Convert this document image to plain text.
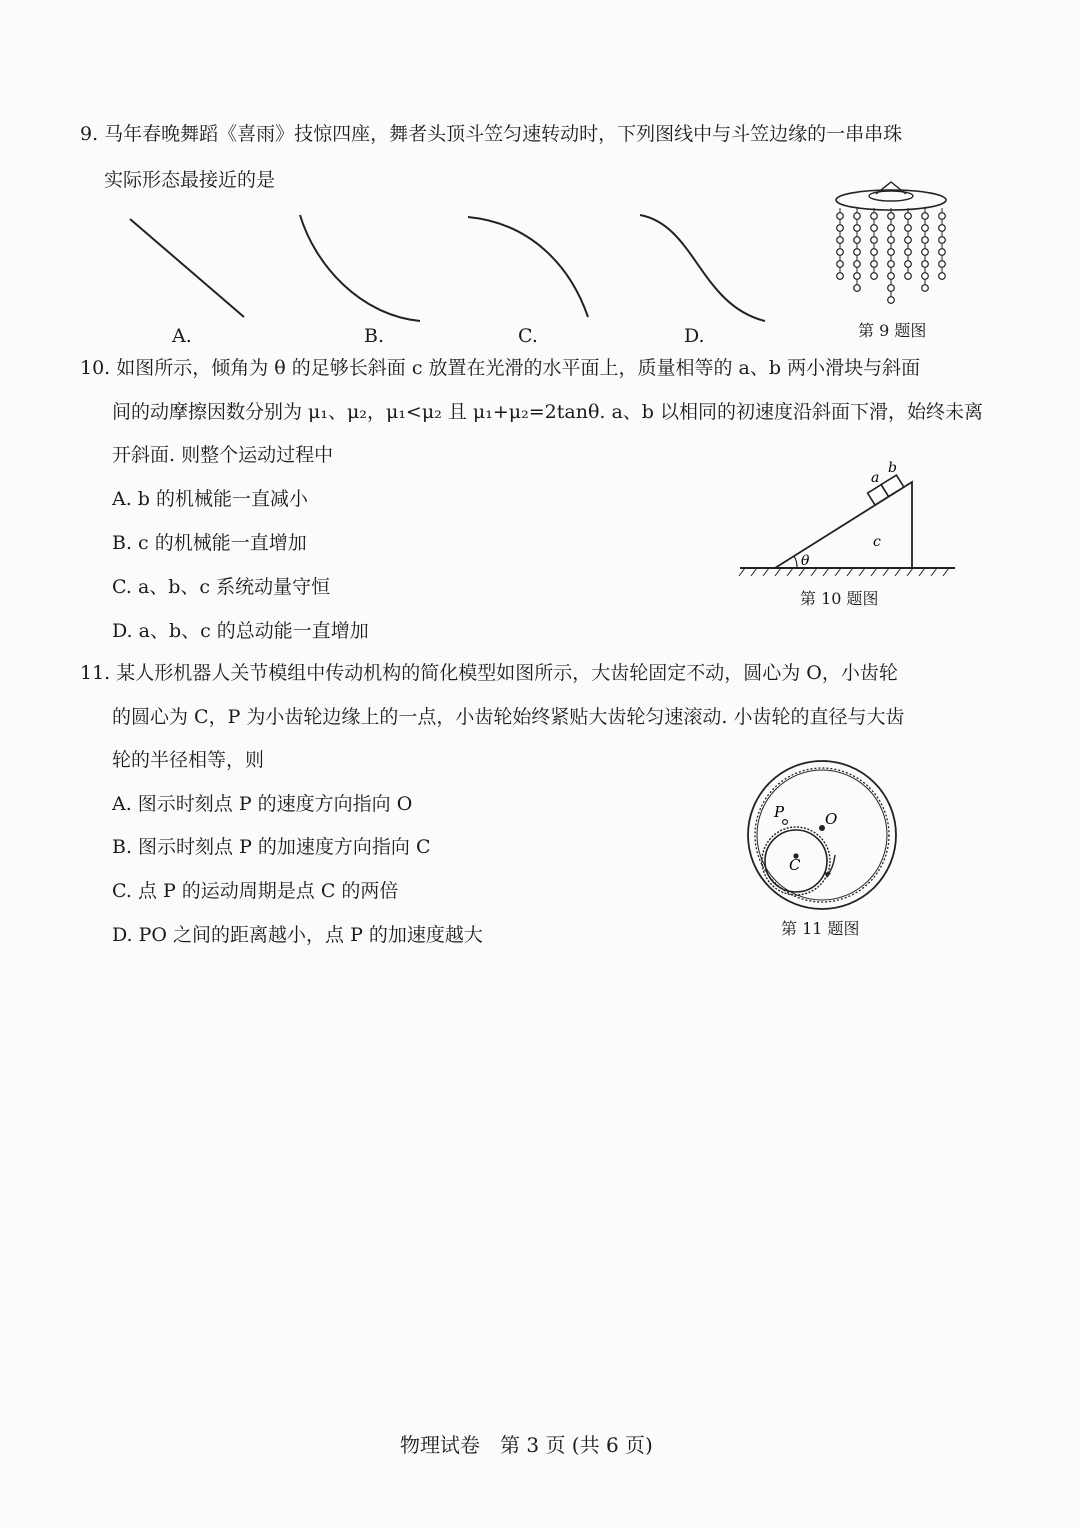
9. 马年春晚舞蹈《喜雨》技惊四座，舞者头顶斗笠匀速转动时，下列图线中与斗笠边缘的一串串珠
实际形态最接近的是
A.	B.	C.	D.	第 9 题图
10. 如图所示，倾角为 θ 的足够长斜面 c 放置在光滑的水平面上，质量相等的 a、b 两小滑块与斜面
间的动摩擦因数分别为 μ₁、μ₂，μ₁<μ₂ 且 μ₁+μ₂=2tanθ. a、b 以相同的初速度沿斜面下滑，始终未离
开斜面. 则整个运动过程中
A. b 的机械能一直减小
B. c 的机械能一直增加
C. a、b、c 系统动量守恒
D. a、b、c 的总动能一直增加
a
b
c
θ
第 10 题图
11. 某人形机器人关节模组中传动机构的简化模型如图所示，大齿轮固定不动，圆心为 O，小齿轮
的圆心为 C，P 为小齿轮边缘上的一点，小齿轮始终紧贴大齿轮匀速滚动. 小齿轮的直径与大齿
轮的半径相等，则
A. 图示时刻点 P 的速度方向指向 O
B. 图示时刻点 P 的加速度方向指向 C
C. 点 P 的运动周期是点 C 的两倍
D. PO 之间的距离越小，点 P 的加速度越大
P	O
C
第 11 题图
物理试卷　第 3 页 (共 6 页)
